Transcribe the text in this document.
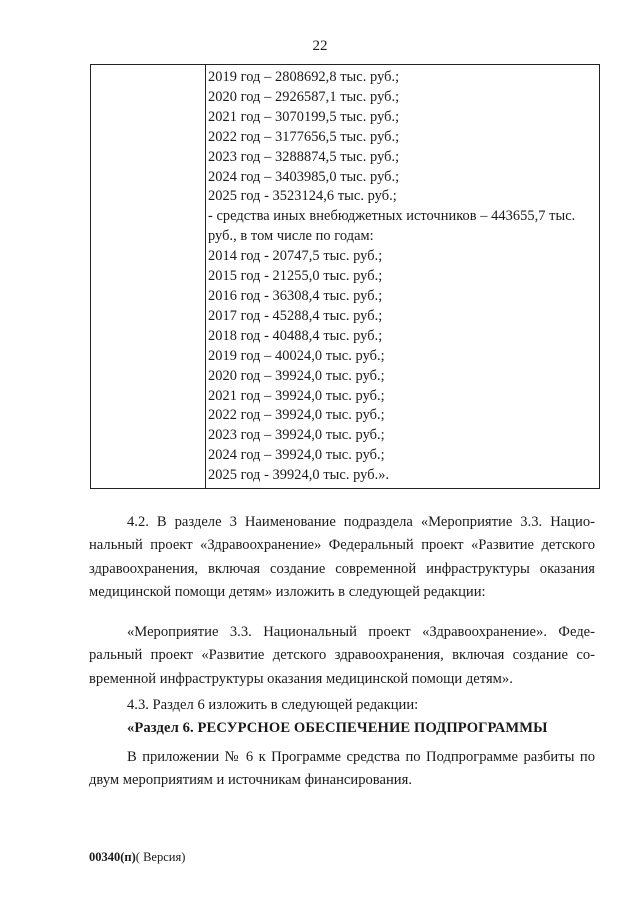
22
2019 год – 2808692,8 тыс. руб.;
2020 год – 2926587,1 тыс. руб.;
2021 год – 3070199,5 тыс. руб.;
2022 год – 3177656,5 тыс. руб.;
2023 год – 3288874,5 тыс. руб.;
2024 год – 3403985,0 тыс. руб.;
2025 год - 3523124,6 тыс. руб.;
- средства иных внебюджетных источников – 443655,7 тыс.
руб., в том числе по годам:
2014 год - 20747,5 тыс. руб.;
2015 год - 21255,0 тыс. руб.;
2016 год - 36308,4 тыс. руб.;
2017 год - 45288,4 тыс. руб.;
2018 год - 40488,4 тыс. руб.;
2019 год – 40024,0 тыс. руб.;
2020 год – 39924,0 тыс. руб.;
2021 год – 39924,0 тыс. руб.;
2022 год – 39924,0 тыс. руб.;
2023 год – 39924,0 тыс. руб.;
2024 год – 39924,0 тыс. руб.;
2025 год - 39924,0 тыс. руб.».
4.2. В разделе 3 Наименование подраздела «Мероприятие 3.3. Нацио-
нальный проект «Здравоохранение» Федеральный проект «Развитие детского
здравоохранения, включая создание современной инфраструктуры оказания
медицинской помощи детям» изложить в следующей редакции:
«Мероприятие 3.3. Национальный проект «Здравоохранение». Феде-
ральный проект «Развитие детского здравоохранения, включая создание со-
временной инфраструктуры оказания медицинской помощи детям».
4.3. Раздел 6 изложить в следующей редакции:
«Раздел 6. РЕСУРСНОЕ ОБЕСПЕЧЕНИЕ ПОДПРОГРАММЫ
В приложении № 6 к Программе средства по Подпрограмме разбиты по
двум мероприятиям и источникам финансирования.
00340(п)( Версия)
